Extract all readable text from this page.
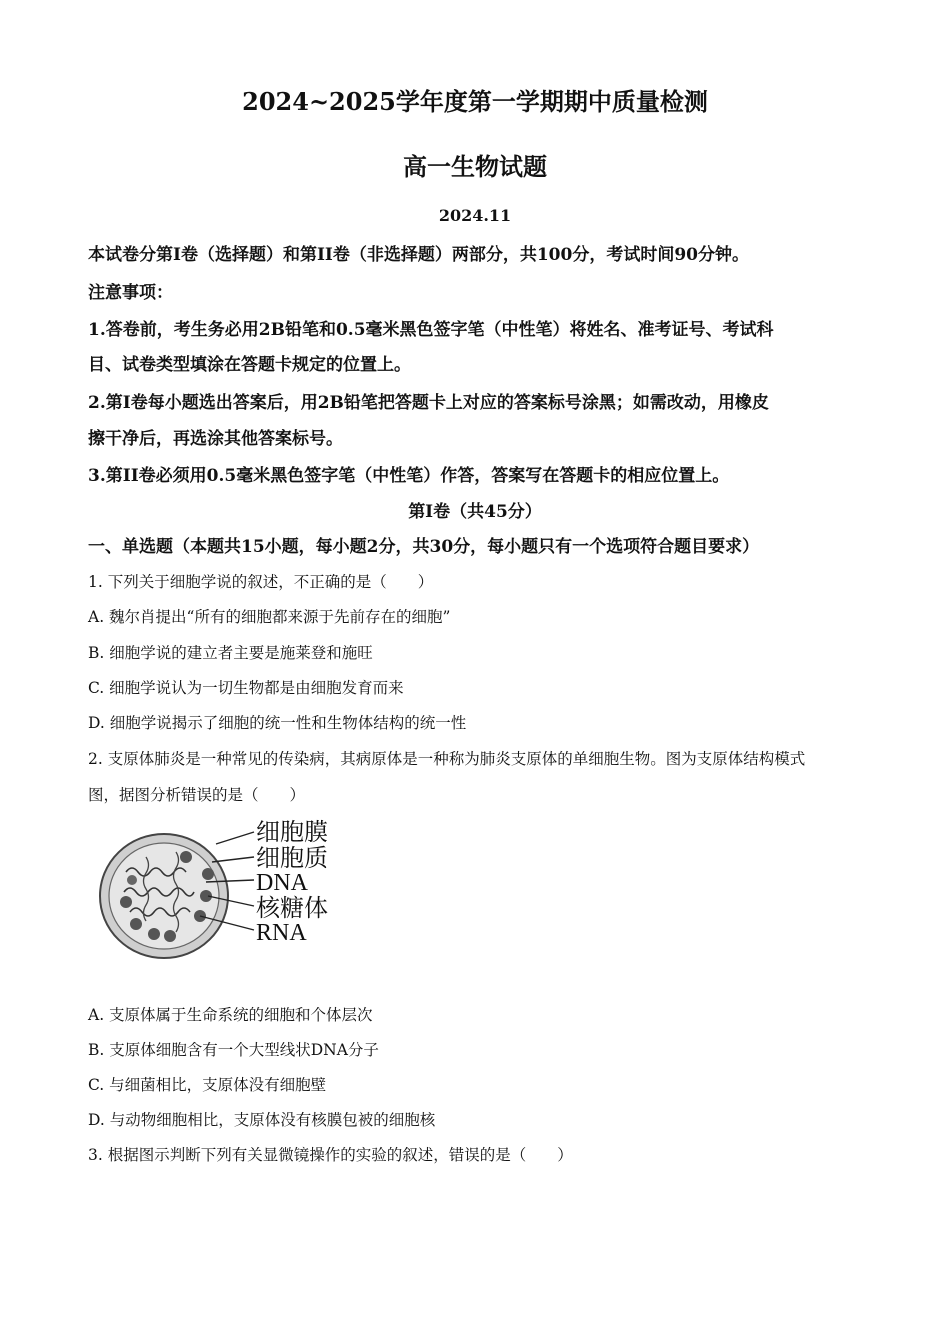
2024~2025学年度第一学期期中质量检测
高一生物试题
2024.11
本试卷分第I卷（选择题）和第II卷（非选择题）两部分，共100分，考试时间90分钟。
注意事项：
1.答卷前，考生务必用2B铅笔和0.5毫米黑色签字笔（中性笔）将姓名、准考证号、考试科
目、试卷类型填涂在答题卡规定的位置上。
2.第I卷每小题选出答案后，用2B铅笔把答题卡上对应的答案标号涂黑；如需改动，用橡皮
擦干净后，再选涂其他答案标号。
3.第II卷必须用0.5毫米黑色签字笔（中性笔）作答，答案写在答题卡的相应位置上。
第I卷（共45分）
一、单选题（本题共15小题，每小题2分，共30分，每小题只有一个选项符合题目要求）
1. 下列关于细胞学说的叙述，不正确的是（　　）
A. 魏尔肖提出“所有的细胞都来源于先前存在的细胞”
B. 细胞学说的建立者主要是施莱登和施旺
C. 细胞学说认为一切生物都是由细胞发育而来
D. 细胞学说揭示了细胞的统一性和生物体结构的统一性
2. 支原体肺炎是一种常见的传染病，其病原体是一种称为肺炎支原体的单细胞生物。图为支原体结构模式
图，据图分析错误的是（　　）
细胞膜
细胞质
DNA
核糖体
RNA
A. 支原体属于生命系统的细胞和个体层次
B. 支原体细胞含有一个大型线状DNA分子
C. 与细菌相比，支原体没有细胞壁
D. 与动物细胞相比，支原体没有核膜包被的细胞核
3. 根据图示判断下列有关显微镜操作的实验的叙述，错误的是（　　）
